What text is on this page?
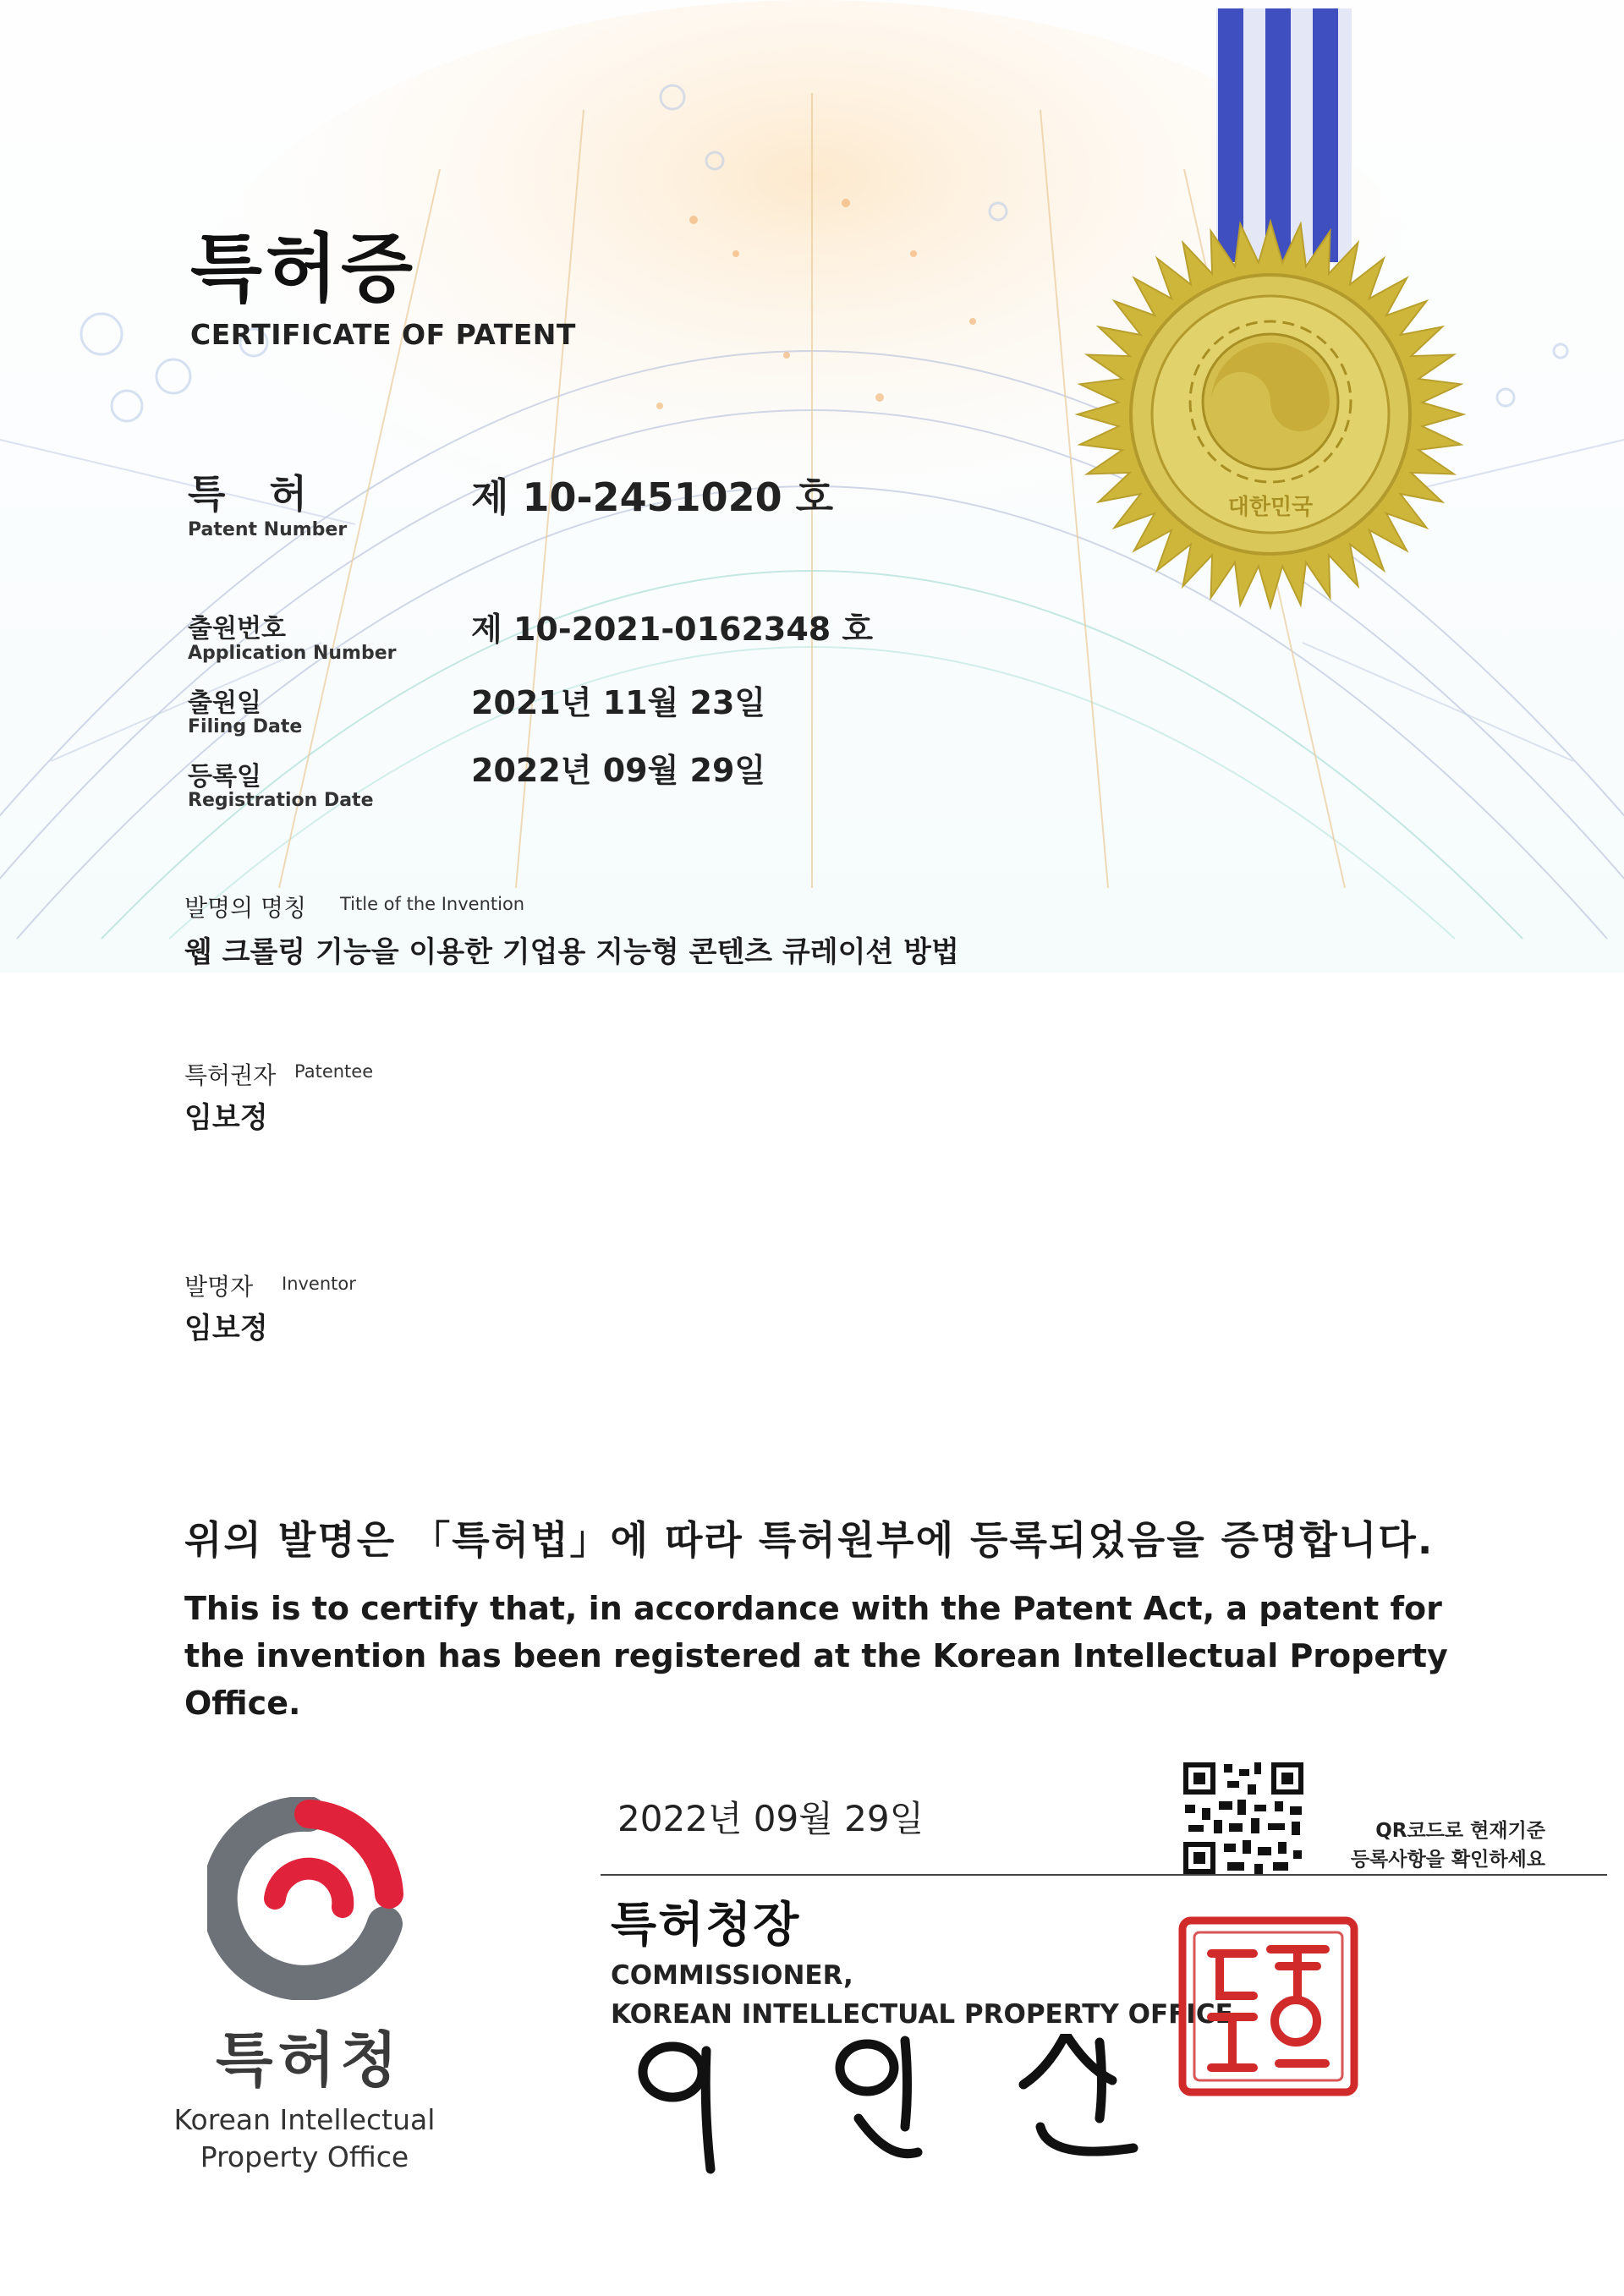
대한민국
특허증
CERTIFICATE OF PATENT
특 허
Patent Number
제 10-2451020 호
출원번호
Application Number
제 10-2021-0162348 호
출원일
Filing Date
2021년 11월 23일
등록일
Registration Date
2022년 09월 29일
발명의 명칭 Title of the Invention
웹 크롤링 기능을 이용한 기업용 지능형 콘텐츠 큐레이션 방법
특허권자 Patentee
임보정
발명자 Inventor
임보정
위의 발명은 「특허법」에 따라 특허원부에 등록되었음을 증명합니다.
This is to certify that, in accordance with the Patent Act, a patent for the invention has been registered at the Korean Intellectual Property Office.
2022년 09월 29일	QR코드로 현재기준
등록사항을 확인하세요
특허청장
COMMISSIONER,
KOREAN INTELLECTUAL PROPERTY OFFICE
특허청
Korean Intellectual
Property Office
